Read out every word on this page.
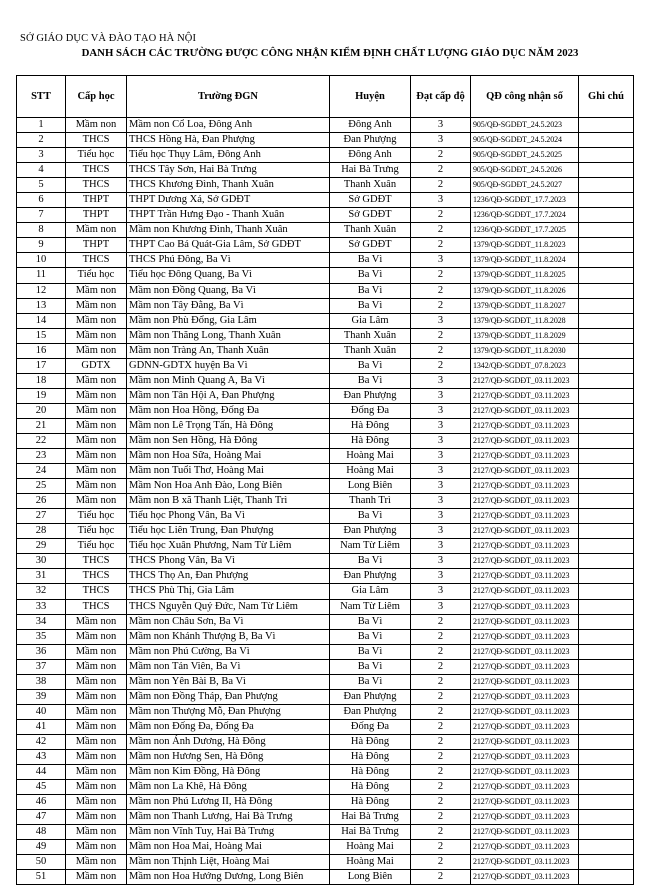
SỞ GIÁO DỤC VÀ ĐÀO TẠO HÀ NỘI
DANH SÁCH CÁC TRƯỜNG ĐƯỢC CÔNG NHẬN KIỂM ĐỊNH CHẤT LƯỢNG GIÁO DỤC NĂM 2023
STT	Cấp học	Trường ĐGN	Huyện	Đạt cấp độ	QĐ công nhận số	Ghi chú
1	Mầm non	Mầm non Cổ Loa, Đông Anh	Đông Anh	3	905/QĐ-SGDĐT_24.5.2023	
2	THCS	THCS Hồng Hà, Đan Phượng	Đan Phượng	3	905/QĐ-SGDĐT_24.5.2024	
3	Tiểu học	Tiểu học Thụy Lâm, Đông Anh	Đông Anh	2	905/QĐ-SGDĐT_24.5.2025	
4	THCS	THCS Tây Sơn, Hai Bà Trưng	Hai Bà Trưng	2	905/QĐ-SGDĐT_24.5.2026	
5	THCS	THCS Khương Đình, Thanh Xuân	Thanh Xuân	2	905/QĐ-SGDĐT_24.5.2027	
6	THPT	THPT Dương Xá, Sở GDĐT	Sở GDĐT	3	1236/QĐ-SGDĐT_17.7.2023	
7	THPT	THPT Trần Hưng Đạo - Thanh Xuân	Sở GDĐT	2	1236/QĐ-SGDĐT_17.7.2024	
8	Mầm non	Mầm non Khương Đình, Thanh Xuân	Thanh Xuân	2	1236/QĐ-SGDĐT_17.7.2025	
9	THPT	THPT Cao Bá Quát-Gia Lâm, Sở GDĐT	Sở GDĐT	2	1379/QĐ-SGDĐT_11.8.2023	
10	THCS	THCS Phú Đông, Ba Vì	Ba Vì	3	1379/QĐ-SGDĐT_11.8.2024	
11	Tiểu học	Tiểu học Đông Quang, Ba Vì	Ba Vì	2	1379/QĐ-SGDĐT_11.8.2025	
12	Mầm non	Mầm non Đồng Quang, Ba Vì	Ba Vì	2	1379/QĐ-SGDĐT_11.8.2026	
13	Mầm non	Mầm non Tây Đằng, Ba Vì	Ba Vì	2	1379/QĐ-SGDĐT_11.8.2027	
14	Mầm non	Mầm non Phù Đổng, Gia Lâm	Gia Lâm	3	1379/QĐ-SGDĐT_11.8.2028	
15	Mầm non	Mầm non Thăng Long, Thanh Xuân	Thanh Xuân	2	1379/QĐ-SGDĐT_11.8.2029	
16	Mầm non	Mầm non Tràng An, Thanh Xuân	Thanh Xuân	2	1379/QĐ-SGDĐT_11.8.2030	
17	GDTX	GDNN-GDTX huyện Ba Vì	Ba Vì	2	1342/QĐ-SGDĐT_07.8.2023	
18	Mầm non	Mầm non Minh Quang A, Ba Vì	Ba Vì	3	2127/QĐ-SGDĐT_03.11.2023	
19	Mầm non	Mầm non Tân Hội A, Đan Phượng	Đan Phượng	3	2127/QĐ-SGDĐT_03.11.2023	
20	Mầm non	Mầm non Hoa Hồng, Đống Đa	Đống Đa	3	2127/QĐ-SGDĐT_03.11.2023	
21	Mầm non	Mầm non Lê Trọng Tấn, Hà Đông	Hà Đông	3	2127/QĐ-SGDĐT_03.11.2023	
22	Mầm non	Mầm non Sen Hồng, Hà Đông	Hà Đông	3	2127/QĐ-SGDĐT_03.11.2023	
23	Mầm non	Mầm non Hoa Sữa, Hoàng Mai	Hoàng Mai	3	2127/QĐ-SGDĐT_03.11.2023	
24	Mầm non	Mầm non Tuổi Thơ, Hoàng Mai	Hoàng Mai	3	2127/QĐ-SGDĐT_03.11.2023	
25	Mầm non	Mầm Non Hoa Anh Đào, Long Biên	Long Biên	3	2127/QĐ-SGDĐT_03.11.2023	
26	Mầm non	Mầm non B xã Thanh Liệt, Thanh Trì	Thanh Trì	3	2127/QĐ-SGDĐT_03.11.2023	
27	Tiểu học	Tiểu học Phong Vân, Ba Vì	Ba Vì	3	2127/QĐ-SGDĐT_03.11.2023	
28	Tiểu học	Tiểu học Liên Trung, Đan Phượng	Đan Phượng	3	2127/QĐ-SGDĐT_03.11.2023	
29	Tiểu học	Tiểu học Xuân Phương, Nam Từ Liêm	Nam Từ Liêm	3	2127/QĐ-SGDĐT_03.11.2023	
30	THCS	THCS Phong Vân, Ba Vì	Ba Vì	3	2127/QĐ-SGDĐT_03.11.2023	
31	THCS	THCS Thọ An, Đan Phượng	Đan Phượng	3	2127/QĐ-SGDĐT_03.11.2023	
32	THCS	THCS Phù Thị, Gia Lâm	Gia Lâm	3	2127/QĐ-SGDĐT_03.11.2023	
33	THCS	THCS Nguyễn Quý Đức, Nam Từ Liêm	Nam Từ Liêm	3	2127/QĐ-SGDĐT_03.11.2023	
34	Mầm non	Mầm non Châu Sơn, Ba Vì	Ba Vì	2	2127/QĐ-SGDĐT_03.11.2023	
35	Mầm non	Mầm non Khánh Thượng B, Ba Vì	Ba Vì	2	2127/QĐ-SGDĐT_03.11.2023	
36	Mầm non	Mầm non Phú Cường, Ba Vì	Ba Vì	2	2127/QĐ-SGDĐT_03.11.2023	
37	Mầm non	Mầm non Tản Viên, Ba Vì	Ba Vì	2	2127/QĐ-SGDĐT_03.11.2023	
38	Mầm non	Mầm non Yên Bài B, Ba Vì	Ba Vì	2	2127/QĐ-SGDĐT_03.11.2023	
39	Mầm non	Mầm non Đồng Tháp, Đan Phượng	Đan Phượng	2	2127/QĐ-SGDĐT_03.11.2023	
40	Mầm non	Mầm non Thượng Mỗ, Đan Phượng	Đan Phượng	2	2127/QĐ-SGDĐT_03.11.2023	
41	Mầm non	Mầm non Đống Đa, Đống Đa	Đống Đa	2	2127/QĐ-SGDĐT_03.11.2023	
42	Mầm non	Mầm non Ánh Dương, Hà Đông	Hà Đông	2	2127/QĐ-SGDĐT_03.11.2023	
43	Mầm non	Mầm non Hương Sen, Hà Đông	Hà Đông	2	2127/QĐ-SGDĐT_03.11.2023	
44	Mầm non	Mầm non Kim Đồng, Hà Đông	Hà Đông	2	2127/QĐ-SGDĐT_03.11.2023	
45	Mầm non	Mầm non La Khê, Hà Đông	Hà Đông	2	2127/QĐ-SGDĐT_03.11.2023	
46	Mầm non	Mầm non Phú Lương II, Hà Đông	Hà Đông	2	2127/QĐ-SGDĐT_03.11.2023	
47	Mầm non	Mầm non Thanh Lương, Hai Bà Trưng	Hai Bà Trưng	2	2127/QĐ-SGDĐT_03.11.2023	
48	Mầm non	Mầm non Vĩnh Tuy, Hai Bà Trưng	Hai Bà Trưng	2	2127/QĐ-SGDĐT_03.11.2023	
49	Mầm non	Mầm non Hoa Mai, Hoàng Mai	Hoàng Mai	2	2127/QĐ-SGDĐT_03.11.2023	
50	Mầm non	Mầm non Thịnh Liệt, Hoàng Mai	Hoàng Mai	2	2127/QĐ-SGDĐT_03.11.2023	
51	Mầm non	Mầm non Hoa Hướng Dương, Long Biên	Long Biên	2	2127/QĐ-SGDĐT_03.11.2023	
